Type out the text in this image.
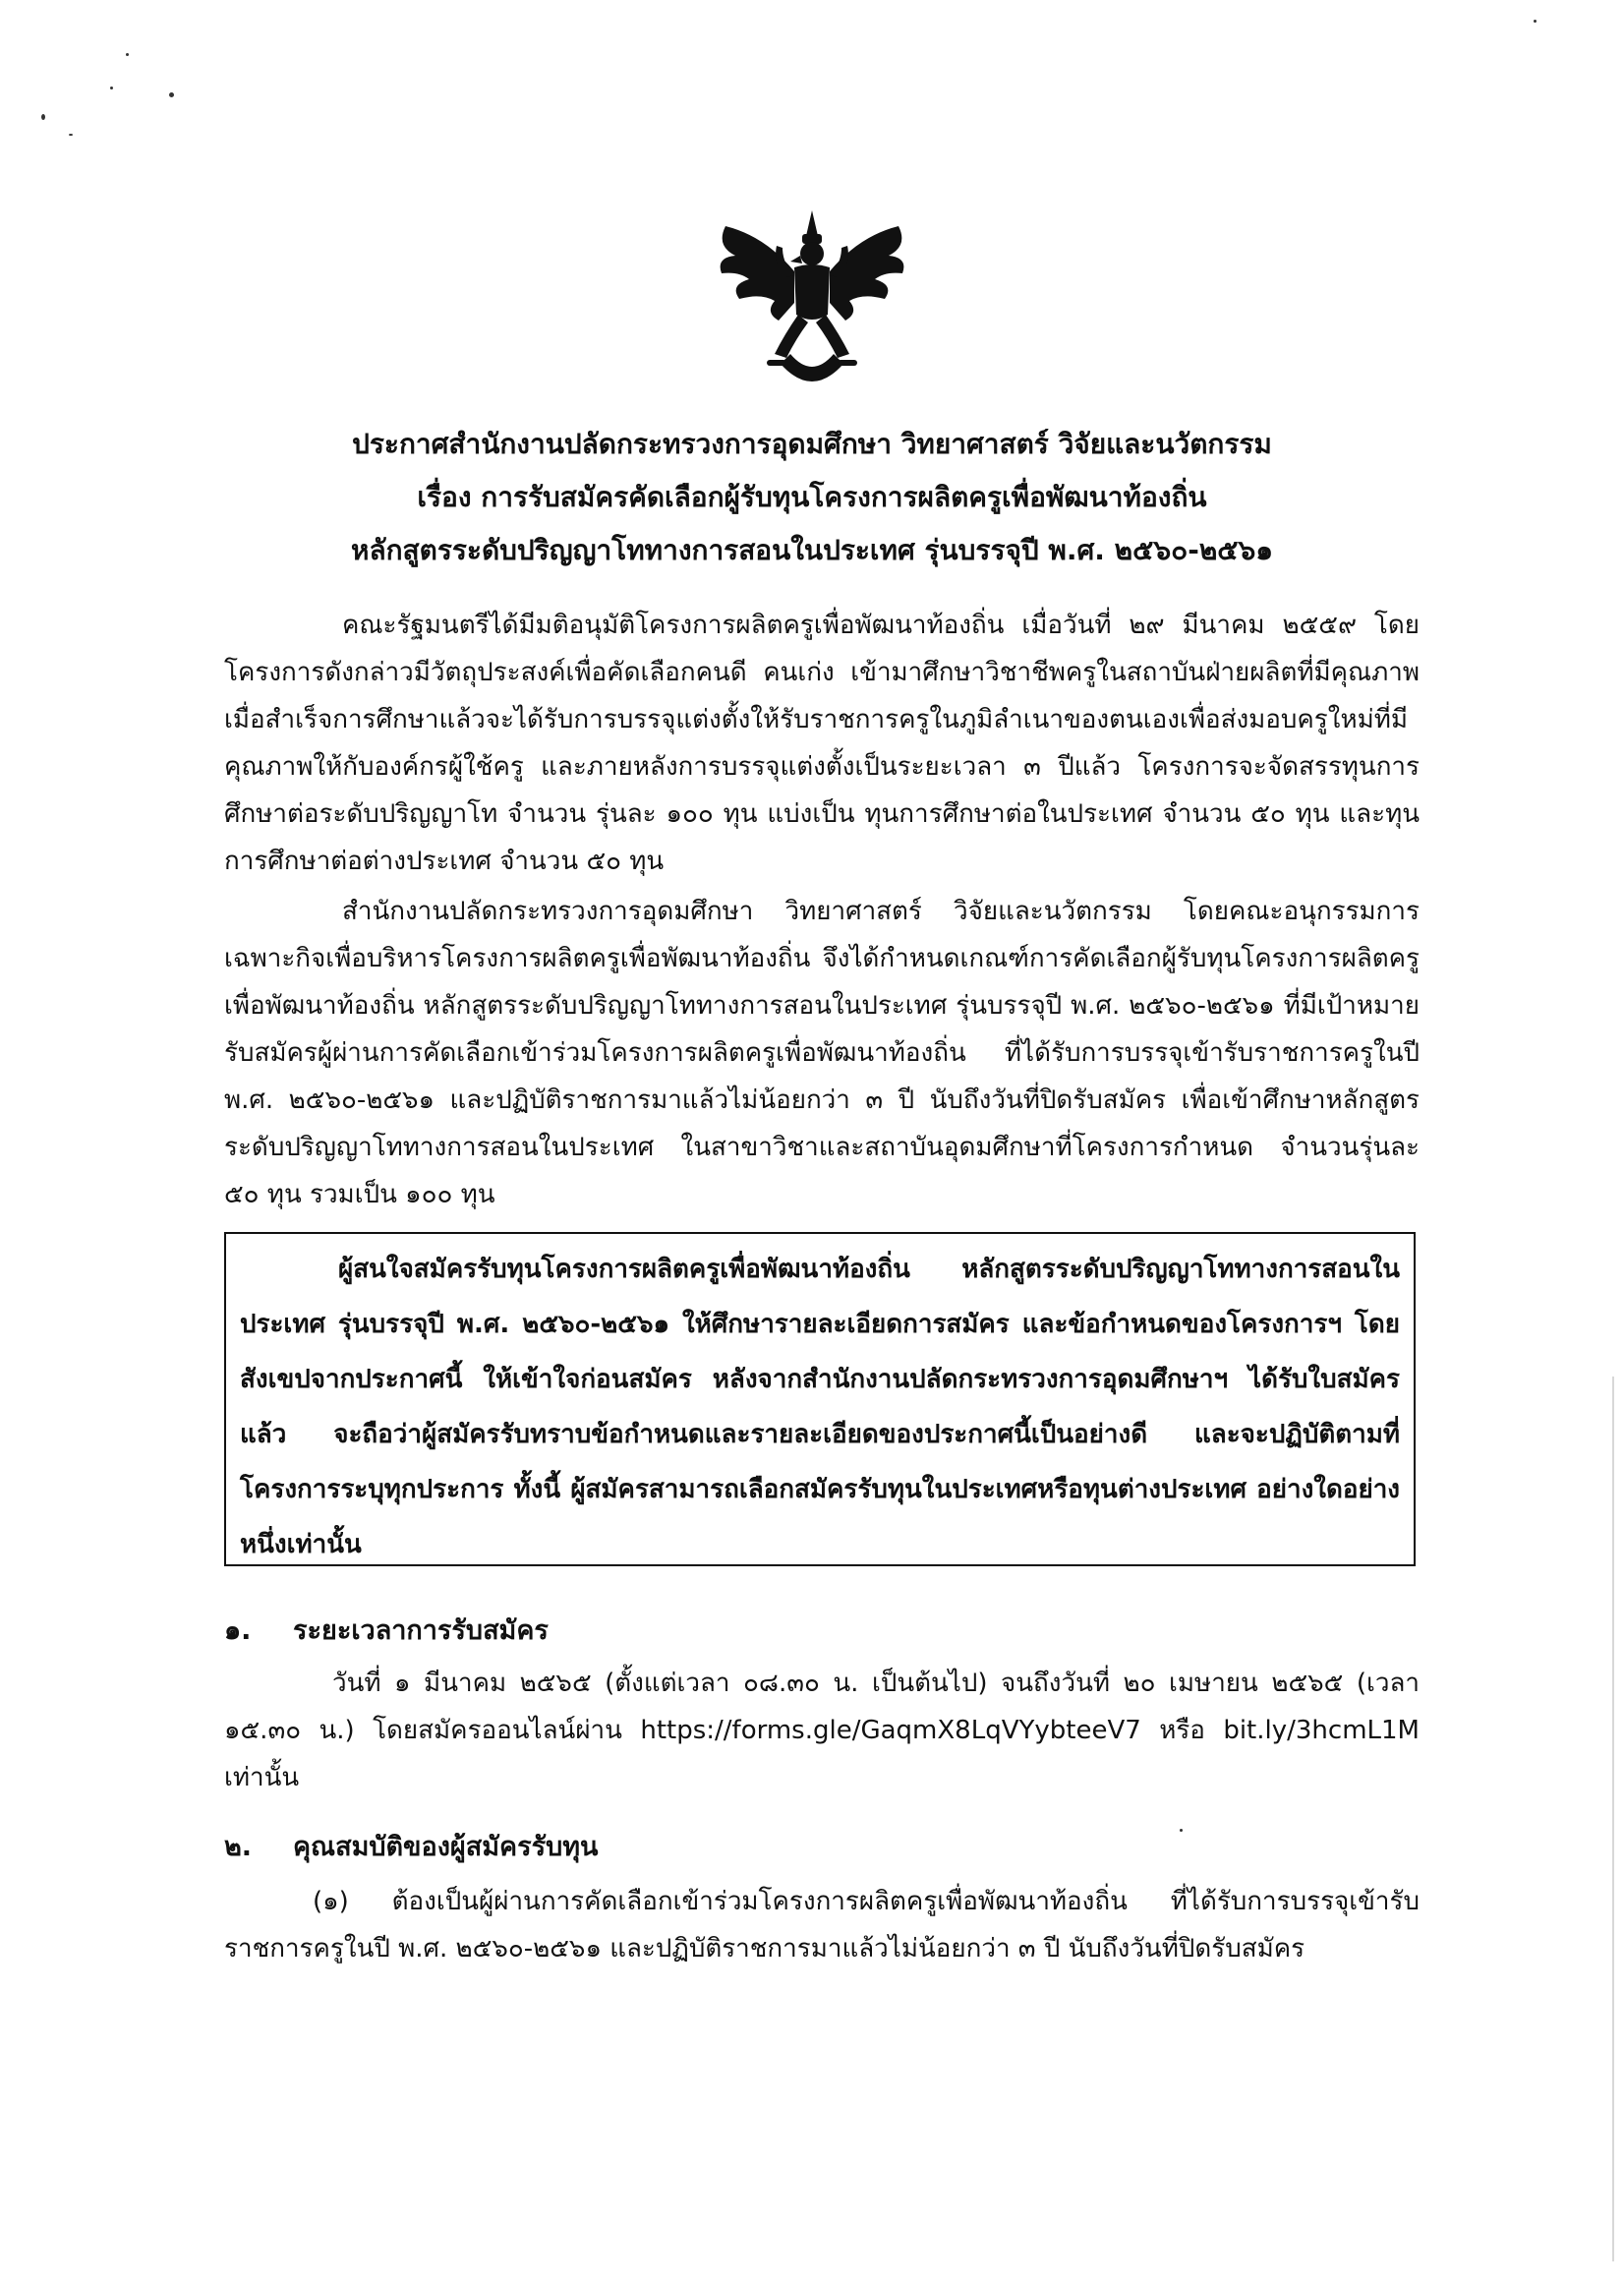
ประกาศสำนักงานปลัดกระทรวงการอุดมศึกษา วิทยาศาสตร์ วิจัยและนวัตกรรม
เรื่อง การรับสมัครคัดเลือกผู้รับทุนโครงการผลิตครูเพื่อพัฒนาท้องถิ่น
หลักสูตรระดับปริญญาโททางการสอนในประเทศ รุ่นบรรจุปี พ.ศ. ๒๕๖๐-๒๕๖๑
คณะรัฐมนตรีได้มีมติอนุมัติโครงการผลิตครูเพื่อพัฒนาท้องถิ่น เมื่อวันที่ ๒๙ มีนาคม ๒๕๕๙ โดยโครงการดังกล่าวมีวัตถุประสงค์เพื่อคัดเลือกคนดี คนเก่ง เข้ามาศึกษาวิชาชีพครูในสถาบันฝ่ายผลิตที่มีคุณภาพ เมื่อสำเร็จการศึกษาแล้วจะได้รับการบรรจุแต่งตั้งให้รับราชการครูในภูมิลำเนาของตนเองเพื่อส่งมอบครูใหม่ที่มีคุณภาพให้กับองค์กรผู้ใช้ครู และภายหลังการบรรจุแต่งตั้งเป็นระยะเวลา ๓ ปีแล้ว โครงการจะจัดสรรทุนการศึกษาต่อระดับปริญญาโท จำนวน รุ่นละ ๑๐๐ ทุน แบ่งเป็น ทุนการศึกษาต่อในประเทศ จำนวน ๕๐ ทุน และทุนการศึกษาต่อต่างประเทศ จำนวน ๕๐ ทุน
สำนักงานปลัดกระทรวงการอุดมศึกษา วิทยาศาสตร์ วิจัยและนวัตกรรม โดยคณะอนุกรรมการเฉพาะกิจเพื่อบริหารโครงการผลิตครูเพื่อพัฒนาท้องถิ่น จึงได้กำหนดเกณฑ์การคัดเลือกผู้รับทุนโครงการผลิตครูเพื่อพัฒนาท้องถิ่น หลักสูตรระดับปริญญาโททางการสอนในประเทศ รุ่นบรรจุปี พ.ศ. ๒๕๖๐-๒๕๖๑ ที่มีเป้าหมายรับสมัครผู้ผ่านการคัดเลือกเข้าร่วมโครงการผลิตครูเพื่อพัฒนาท้องถิ่น ที่ได้รับการบรรจุเข้ารับราชการครูในปี พ.ศ. ๒๕๖๐-๒๕๖๑ และปฏิบัติราชการมาแล้วไม่น้อยกว่า ๓ ปี นับถึงวันที่ปิดรับสมัคร เพื่อเข้าศึกษาหลักสูตรระดับปริญญาโททางการสอนในประเทศ ในสาขาวิชาและสถาบันอุดมศึกษาที่โครงการกำหนด จำนวนรุ่นละ ๕๐ ทุน รวมเป็น ๑๐๐ ทุน

ผู้สนใจสมัครรับทุนโครงการผลิตครูเพื่อพัฒนาท้องถิ่น หลักสูตรระดับปริญญาโททางการสอนในประเทศ รุ่นบรรจุปี พ.ศ. ๒๕๖๐-๒๕๖๑ ให้ศึกษารายละเอียดการสมัคร และข้อกำหนดของโครงการฯ โดยสังเขปจากประกาศนี้ ให้เข้าใจก่อนสมัคร หลังจากสำนักงานปลัดกระทรวงการอุดมศึกษาฯ ได้รับใบสมัครแล้ว จะถือว่าผู้สมัครรับทราบข้อกำหนดและรายละเอียดของประกาศนี้เป็นอย่างดี และจะปฏิบัติตามที่โครงการระบุทุกประการ ทั้งนี้ ผู้สมัครสามารถเลือกสมัครรับทุนในประเทศหรือทุนต่างประเทศ อย่างใดอย่างหนึ่งเท่านั้น

๑. ระยะเวลาการรับสมัคร
วันที่ ๑ มีนาคม ๒๕๖๕ (ตั้งแต่เวลา ๐๘.๓๐ น. เป็นต้นไป) จนถึงวันที่ ๒๐ เมษายน ๒๕๖๕ (เวลา ๑๕.๓๐ น.) โดยสมัครออนไลน์ผ่าน https://forms.gle/GaqmX8LqVYybteeV7 หรือ bit.ly/3hcmL1M เท่านั้น
๒. คุณสมบัติของผู้สมัครรับทุน
(๑) ต้องเป็นผู้ผ่านการคัดเลือกเข้าร่วมโครงการผลิตครูเพื่อพัฒนาท้องถิ่น ที่ได้รับการบรรจุเข้ารับราชการครูในปี พ.ศ. ๒๕๖๐-๒๕๖๑ และปฏิบัติราชการมาแล้วไม่น้อยกว่า ๓ ปี นับถึงวันที่ปิดรับสมัคร
